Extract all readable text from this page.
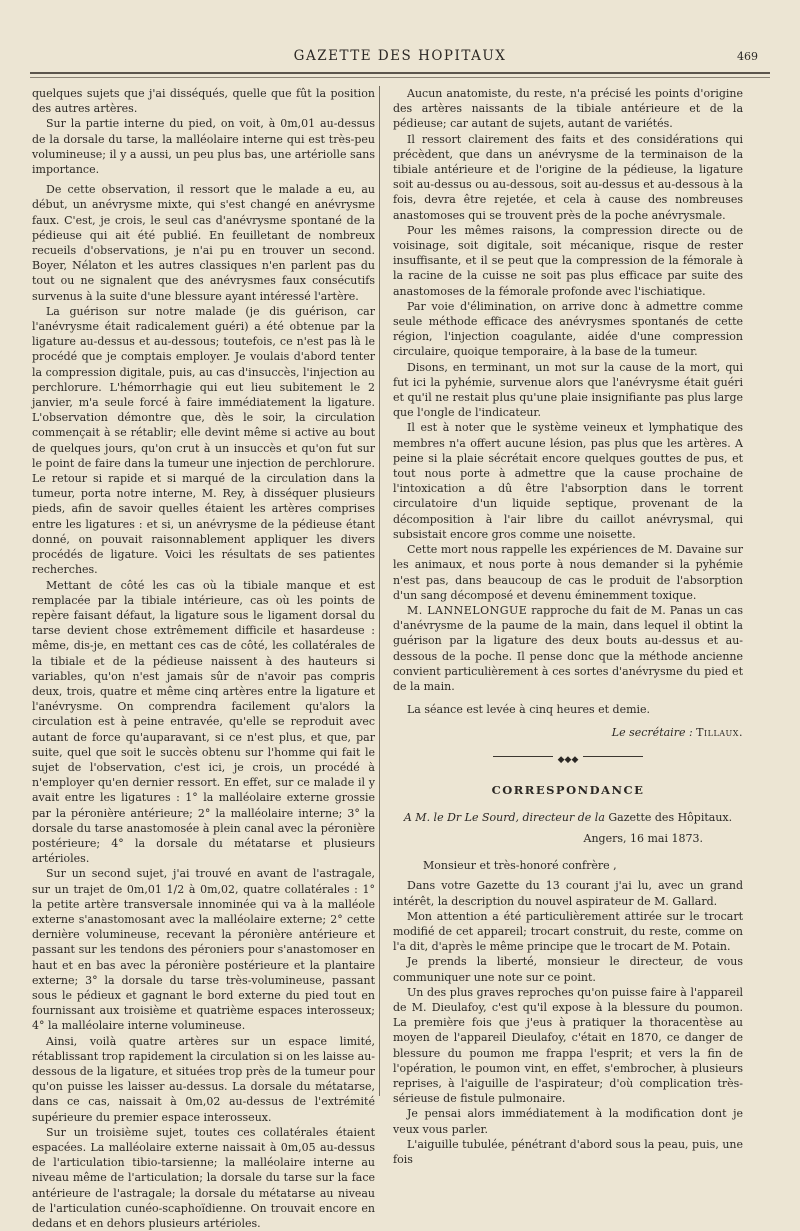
GAZETTE DES HOPITAUX	469

quelques sujets que j'ai disséqués, quelle que fût la position des autres artères.

Sur la partie interne du pied, on voit, à 0m,01 au-dessus de la dorsale du tarse, la malléolaire interne qui est très-peu volumineuse; il y a aussi, un peu plus bas, une artériolle sans importance.

De cette observation, il ressort que le malade a eu, au début, un anévrysme mixte, qui s'est changé en anévrysme faux. C'est, je crois, le seul cas d'anévrysme spontané de la pédieuse qui ait été publié. En feuilletant de nombreux recueils d'observations, je n'ai pu en trouver un second. Boyer, Nélaton et les autres classiques n'en parlent pas du tout ou ne signalent que des anévrysmes faux consécutifs survenus à la suite d'une blessure ayant intéressé l'artère.

La guérison sur notre malade (je dis guérison, car l'anévrysme était radicalement guéri) a été obtenue par la ligature au-dessus et au-dessous; toutefois, ce n'est pas là le procédé que je comptais employer. Je voulais d'abord tenter la compression digitale, puis, au cas d'insuccès, l'injection au perchlorure. L'hémorrhagie qui eut lieu subitement le 2 janvier, m'a seule forcé à faire immédiatement la ligature. L'observation démontre que, dès le soir, la circulation commençait à se rétablir; elle devint même si active au bout de quelques jours, qu'on crut à un insuccès et qu'on fut sur le point de faire dans la tumeur une injection de perchlorure. Le retour si rapide et si marqué de la circulation dans la tumeur, porta notre interne, M. Rey, à disséquer plusieurs pieds, afin de savoir quelles étaient les artères comprises entre les ligatures : et si, un anévrysme de la pédieuse étant donné, on pouvait raisonnablement appliquer les divers procédés de ligature. Voici les résultats de ses patientes recherches.

Mettant de côté les cas où la tibiale manque et est remplacée par la tibiale intérieure, cas où les points de repère faisant défaut, la ligature sous le ligament dorsal du tarse devient chose extrêmement difficile et hasardeuse : même, dis-je, en mettant ces cas de côté, les collatérales de la tibiale et de la pédieuse naissent à des hauteurs si variables, qu'on n'est jamais sûr de n'avoir pas compris deux, trois, quatre et même cinq artères entre la ligature et l'anévrysme. On comprendra facilement qu'alors la circulation est à peine entravée, qu'elle se reproduit avec autant de force qu'auparavant, si ce n'est plus, et que, par suite, quel que soit le succès obtenu sur l'homme qui fait le sujet de l'observation, c'est ici, je crois, un procédé à n'employer qu'en dernier ressort. En effet, sur ce malade il y avait entre les ligatures : 1° la malléolaire externe grossie par la péronière antérieure; 2° la malléolaire interne; 3° la dorsale du tarse anastomosée à plein canal avec la péronière postérieure; 4° la dorsale du métatarse et plusieurs artérioles.

Sur un second sujet, j'ai trouvé en avant de l'astragale, sur un trajet de 0m,01 1/2 à 0m,02, quatre collatérales : 1° la petite artère transversale innominée qui va à la malléole externe s'anastomosant avec la malléolaire externe; 2° cette dernière volumineuse, recevant la péronière antérieure et passant sur les tendons des péroniers pour s'anastomoser en haut et en bas avec la péronière postérieure et la plantaire externe; 3° la dorsale du tarse très-volumineuse, passant sous le pédieux et gagnant le bord externe du pied tout en fournissant aux troisième et quatrième espaces interosseux; 4° la malléolaire interne volumineuse.

Ainsi, voilà quatre artères sur un espace limité, rétablissant trop rapidement la circulation si on les laisse au-dessous de la ligature, et situées trop près de la tumeur pour qu'on puisse les laisser au-dessus. La dorsale du métatarse, dans ce cas, naissait à 0m,02 au-dessus de l'extrémité supérieure du premier espace interosseux.

Sur un troisième sujet, toutes ces collatérales étaient espacées. La malléolaire externe naissait à 0m,05 au-dessus de l'articulation tibio-tarsienne; la malléolaire interne au niveau même de l'articulation; la dorsale du tarse sur la face antérieure de l'astragale; la dorsale du métatarse au niveau de l'articulation cunéo-scaphoïdienne. On trouvait encore en dedans et en dehors plusieurs artérioles.

Aucun anatomiste, du reste, n'a précisé les points d'origine des artères naissants de la tibiale antérieure et de la pédieuse; car autant de sujets, autant de variétés.

Il ressort clairement des faits et des considérations qui précèdent, que dans un anévrysme de la terminaison de la tibiale antérieure et de l'origine de la pédieuse, la ligature soit au-dessus ou au-dessous, soit au-dessus et au-dessous à la fois, devra être rejetée, et cela à cause des nombreuses anastomoses qui se trouvent près de la poche anévrysmale.

Pour les mêmes raisons, la compression directe ou de voisinage, soit digitale, soit mécanique, risque de rester insuffisante, et il se peut que la compression de la fémorale à la racine de la cuisse ne soit pas plus efficace par suite des anastomoses de la fémorale profonde avec l'ischiatique.

Par voie d'élimination, on arrive donc à admettre comme seule méthode efficace des anévrysmes spontanés de cette région, l'injection coagulante, aidée d'une compression circulaire, quoique temporaire, à la base de la tumeur.

Disons, en terminant, un mot sur la cause de la mort, qui fut ici la pyhémie, survenue alors que l'anévrysme était guéri et qu'il ne restait plus qu'une plaie insignifiante pas plus large que l'ongle de l'indicateur.

Il est à noter que le système veineux et lymphatique des membres n'a offert aucune lésion, pas plus que les artères. A peine si la plaie sécrétait encore quelques gouttes de pus, et tout nous porte à admettre que la cause prochaine de l'intoxication a dû être l'absorption dans le torrent circulatoire d'un liquide septique, provenant de la décomposition à l'air libre du caillot anévrysmal, qui subsistait encore gros comme une noisette.

Cette mort nous rappelle les expériences de M. Davaine sur les animaux, et nous porte à nous demander si la pyhémie n'est pas, dans beaucoup de cas le produit de l'absorption d'un sang décomposé et devenu éminemment toxique.

M. LANNELONGUE rapproche du fait de M. Panas un cas d'anévrysme de la paume de la main, dans lequel il obtint la guérison par la ligature des deux bouts au-dessus et au-dessous de la poche. Il pense donc que la méthode ancienne convient particulièrement à ces sortes d'anévrysme du pied et de la main.

La séance est levée à cinq heures et demie.

Le secrétaire : Tillaux.

◆◆◆
CORRESPONDANCE

A M. le Dr Le Sourd, directeur de la Gazette des Hôpitaux.

Angers, 16 mai 1873.

Monsieur et très-honoré confrère ,

Dans votre Gazette du 13 courant j'ai lu, avec un grand intérêt, la description du nouvel aspirateur de M. Gallard.

Mon attention a été particulièrement attirée sur le trocart modifié de cet appareil; trocart construit, du reste, comme on l'a dit, d'après le même principe que le trocart de M. Potain.

Je prends la liberté, monsieur le directeur, de vous communiquer une note sur ce point.

Un des plus graves reproches qu'on puisse faire à l'appareil de M. Dieulafoy, c'est qu'il expose à la blessure du poumon. La première fois que j'eus à pratiquer la thoracentèse au moyen de l'appareil Dieulafoy, c'était en 1870, ce danger de blessure du poumon me frappa l'esprit; et vers la fin de l'opération, le poumon vint, en effet, s'embrocher, à plusieurs reprises, à l'aiguille de l'aspirateur; d'où complication très-sérieuse de fistule pulmonaire.

Je pensai alors immédiatement à la modification dont je veux vous parler.

L'aiguille tubulée, pénétrant d'abord sous la peau, puis, une fois
